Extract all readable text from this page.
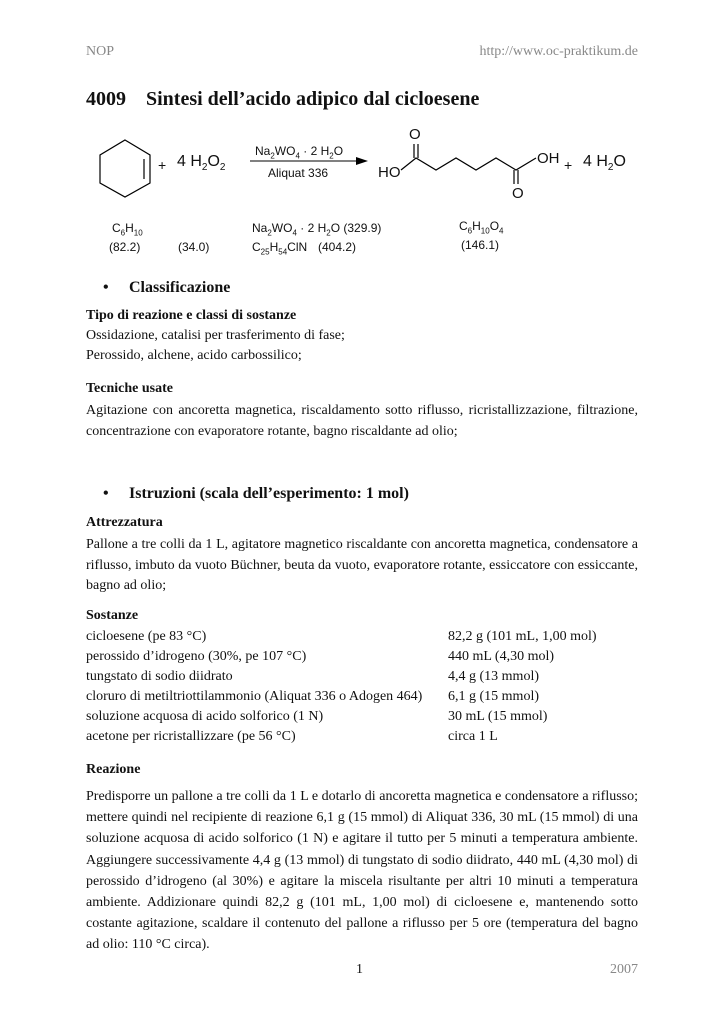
NOP	http://www.oc-praktikum.de
4009 Sintesi dell’acido adipico dal cicloesene
+ 4 $H_2O_2$
$Na_2WO_4 \cdot 2$ $H_2O$
Aliquat 336
O
HO
OH
O
+ 4 $H_2O$
$C_6H_{10}$
(82.2)	(34.0)
$Na_2WO_4 \cdot 2$ $H_2O$ (329.9)
$C_{25}H_{54}ClN$ (404.2)
$C_6H_{10}O_4$
(146.1)
• Classificazione
Tipo di reazione e classi di sostanze
Ossidazione, catalisi per trasferimento di fase;
Perossido, alchene, acido carbossilico;
Tecniche usate
Agitazione con ancoretta magnetica, riscaldamento sotto riflusso, ricristallizzazione, filtrazione, concentrazione con evaporatore rotante, bagno riscaldante ad olio;
• Istruzioni (scala dell’esperimento: 1 mol)
Attrezzatura
Pallone a tre colli da 1 L, agitatore magnetico riscaldante con ancoretta magnetica, condensatore a riflusso, imbuto da vuoto Büchner, beuta da vuoto, evaporatore rotante, essiccatore con essiccante, bagno ad olio;
Sostanze
cicloesene (pe 83 °C)	82,2 g (101 mL, 1,00 mol)
perossido d’idrogeno (30%, pe 107 °C)	440 mL (4,30 mol)
tungstato di sodio diidrato	4,4 g (13 mmol)
cloruro di metiltriottilammonio (Aliquat 336 o Adogen 464) 6,1 g (15 mmol)
soluzione acquosa di acido solforico (1 N)	30 mL (15 mmol)
acetone per ricristallizzare (pe 56 °C)	circa 1 L
Reazione
Predisporre un pallone a tre colli da 1 L e dotarlo di ancoretta magnetica e condensatore a riflusso; mettere quindi nel recipiente di reazione 6,1 g (15 mmol) di Aliquat 336, 30 mL (15 mmol) di una soluzione acquosa di acido solforico (1 N) e agitare il tutto per 5 minuti a temperatura ambiente. Aggiungere successivamente 4,4 g (13 mmol) di tungstato di sodio diidrato, 440 mL (4,30 mol) di perossido d’idrogeno (al 30%) e agitare la miscela risultante per altri 10 minuti a temperatura ambiente. Addizionare quindi 82,2 g (101 mL, 1,00 mol) di cicloesene e, mantenendo sotto costante agitazione, scaldare il contenuto del pallone a riflusso per 5 ore (temperatura del bagno ad olio: 110 °C circa).
1	2007
